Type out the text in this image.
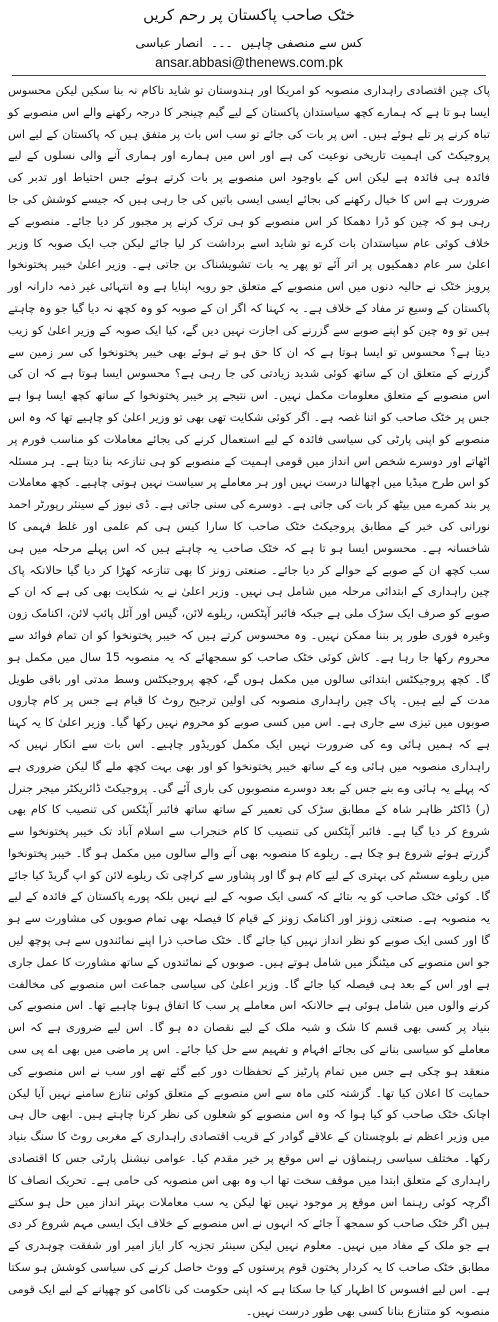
خٹک صاحب پاکستان پر رحم کریں
کس سے منصفی چاہیں۔۔۔انصار عباسی
ansar.abbasi@thenews.com.pk

پاک چین اقتصادی راہداری منصوبہ کو امریکا اور ہندوستان تو شاید ناکام نہ بنا سکیں لیکن محسوس ایسا ہو تا ہے کہ ہمارے کچھ سیاستدان پاکستان کے لیے گیم چینجر کا درجہ رکھنے والے اس منصوبے کو تباہ کرنے پر تلے ہوئے ہیں۔ اس پر بات کی جائے تو سب اس بات پر متفق ہیں کہ پاکستان کے لیے اس پروجیکٹ کی اہمیت تاریخی نوعیت کی ہے اور اس میں ہمارے اور ہماری آنے والی نسلوں کے لیے فائدہ ہی فائدہ ہے لیکن اس کے باوجود اس منصوبے پر بات کرتے ہوئے جس احتیاط اور تدبر کی ضرورت ہے اس کا خیال رکھنے کی بجائے ایسی ایسی باتیں کی جا رہی ہیں کہ جیسے کوشش کی جا رہی ہو کہ چین کو ڈرا دھمکا کر اس منصوبے کو ہی ترک کرنے پر مجبور کر دیا جائے۔ منصوبے کے خلاف کوئی عام سیاستدان بات کرے تو شاید اسے برداشت کر لیا جائے لیکن جب ایک صوبہ کا وزیر اعلیٰ سر عام دھمکیوں پر اتر آئے تو پھر یہ بات تشویشناک بن جاتی ہے۔ وزیر اعلیٰ خیبر پختونخوا پرویز خٹک نے حالیہ دنوں میں اس منصوبے کے متعلق جو رویہ اپنایا ہے وہ انتہائی غیر ذمہ دارانہ اور پاکستان کے وسیع تر مفاد کے خلاف ہے۔ یہ کہنا کہ اگر ان کے صوبہ کو وہ کچھ نہ دیا گیا جو وہ چاہتے ہیں تو وہ چین کو اپنے صوبے سے گزرنے کی اجازت نہیں دیں گے، کیا ایک صوبہ کے وزیر اعلیٰ کو زیب دیتا ہے؟ محسوس تو ایسا ہوتا ہے کہ ان کا حق ہو تے ہوئے بھی خیبر پختونخوا کی سر زمین سے گزرنے کے متعلق ان کے ساتھ کوئی شدید زیادتی کی جا رہی ہے؟ محسوس ایسا ہوتا ہے کہ ان کی اس منصوبے کے متعلق معلومات مکمل نہیں۔ اس نتیجے پر خیبر پختونخوا کے ساتھ کچھ ایسا ہوا ہے جس پر خٹک صاحب کو اتنا غصہ ہے۔ اگر کوئی شکایت تھی بھی تو وزیر اعلیٰ کو چاہیے تھا کہ وہ اس منصوبے کو اپنی پارٹی کی سیاسی فائدہ کے لیے استعمال کرنے کی بجائے معاملات کو مناسب فورم پر اٹھاتے اور دوسرے شخص اس انداز میں قومی اہمیت کے منصوبے کو ہی تنازعہ بنا دیتا ہے۔ ہر مسئلہ کو اس طرح میڈیا میں اچھالنا درست نہیں اور ہر معاملے پر سیاست نہیں ہوتی چاہیے۔ کچھ معاملات پر بند کمرے میں بیٹھ کر بات کی جاتی ہے۔ دوسرے کی سنی جاتی ہے۔ ڈی نیوز کے سینئر رپورٹر احمد نورانی کی خبر کے مطابق پروجیکٹ خٹک صاحب کا سارا کیس ہی کم علمی اور غلط فہمی کا شاخسانہ ہے۔ محسوس ایسا ہو تا ہے کہ خٹک صاحب یہ چاہتے ہیں کہ اس پہلے مرحلہ میں ہی سب کچھ ان کے صوبے کے حوالے کر دیا جائے۔ صنعتی زونز کا بھی تنازعہ کھڑا کر دیا گیا حالانکہ پاک چین راہداری کے ابتدائی مرحلہ میں شامل ہی نہیں۔ وزیر اعلیٰ نے یہ شکایت بھی کی ہے کہ ان کے صوبے کو صرف ایک سڑک ملی ہے جبکہ فائبر آپٹکس، ریلوے لائن، گیس اور آئل پائپ لائن، اکنامک زون وغیرہ فوری طور پر بننا ممکن نہیں۔ وہ محسوس کرتے ہیں کہ خیبر پختونخوا کو ان تمام فوائد سے محروم رکھا جا رہا ہے۔ کاش کوئی خٹک صاحب کو سمجھائے کہ یہ منصوبہ 15 سال میں مکمل ہو گا۔ کچھ پروجیکٹس ابتدائی سالوں میں مکمل ہوں گے، کچھ پروجیکٹس وسط مدتی اور باقی طویل مدت کے لیے ہیں۔ پاک چین راہداری منصوبہ کی اولین ترجیح روٹ کا قیام ہے جس پر کام چاروں صوبوں میں تیزی سے جاری ہے۔ اس میں کسی صوبے کو محروم نہیں رکھا گیا۔ وزیر اعلیٰ کا یہ کہنا ہے کہ ہمیں ہائی وے کی ضرورت نہیں ایک مکمل کوریڈور چاہیے۔ اس بات سے انکار نہیں کہ راہداری منصوبہ میں ہائی وے کے ساتھ خیبر پختونخوا کو اور بھی بہت کچھ ملے گا لیکن ضروری ہے کہ پہلے یہ ہائی وے بنے جس کے بعد دوسرے منصوبوں کی باری آئے گی۔ پروجیکٹ ڈائریکٹر میجر جنرل (ر) ڈاکٹر ظاہر شاہ کے مطابق سڑک کی تعمیر کے ساتھ ساتھ فائبر آپٹکس کی تنصیب کا کام بھی شروع کر دیا گیا ہے۔ فائبر آپٹکس کی تنصیب کا کام خنجراب سے اسلام آباد تک خیبر پختونخوا سے گزرتے ہوئے شروع ہو چکا ہے۔ ریلوے کا منصوبہ بھی آنے والے سالوں میں مکمل ہو گا۔ خیبر پختونخوا میں ریلوے سسٹم کی بہتری کے لیے کام ہو گا اور پشاور سے کراچی تک ریلوے لائن کو اپ گریڈ کیا جائے گا۔ کوئی خٹک صاحب کو یہ بتائے کہ کسی ایک صوبہ کے لیے نہیں بلکہ پورے پاکستان کے فائدہ کے لیے یہ منصوبہ ہے۔ صنعتی زونز اور اکنامک زونز کے قیام کا فیصلہ بھی تمام صوبوں کی مشاورت سے ہو گا اور کسی ایک صوبے کو نظر انداز نہیں کیا جائے گا۔ خٹک صاحب ذرا اپنے نمائندوں سے ہی پوچھ لیں جو اس منصوبے کی میٹنگز میں شامل ہوتے ہیں۔ صوبوں کے نمائندوں کے ساتھ مشاورت کا عمل جاری ہے اور اس کے بعد ہی فیصلہ کیا جائے گا۔ وزیر اعلیٰ کی سیاسی جماعت اس منصوبے کی مخالفت کرنے والوں میں شامل ہوئی ہے حالانکہ اس معاملے پر سب کا اتفاق ہونا چاہیے تھا۔ اس منصوبے کی بنیاد پر کسی بھی قسم کا شک و شبہ ملک کے لیے نقصان دہ ہو گا۔ اس لیے ضروری ہے کہ اس معاملے کو سیاسی بنانے کی بجائے افہام و تفہیم سے حل کیا جائے۔ اس پر ماضی میں بھی اے پی سی منعقد ہو چکی ہے جس میں تمام پارٹیز کے تحفظات دور کیے گئے تھے اور سب نے اس منصوبے کی حمایت کا اعلان کیا تھا۔ گزشتہ کئی ماہ سے اس منصوبے کے متعلق کوئی تنازع سامنے نہیں آیا لیکن اچانک خٹک صاحب کو کیا ہوا کہ وہ اس منصوبے کو شعلوں کی نظر کرنا چاہتے ہیں۔ ابھی حال ہی میں وزیر اعظم نے بلوچستان کے علاقے گوادر کے قریب اقتصادی راہداری کے مغربی روٹ کا سنگ بنیاد رکھا۔ مختلف سیاسی رہنماؤں نے اس موقع پر خیر مقدم کیا۔ عوامی نیشنل پارٹی جس کا اقتصادی راہداری کے متعلق ابتدا میں موقف سخت تھا اب وہ بھی اس منصوبہ کی حامی ہے۔ تحریک انصاف کا اگرچہ کوئی رہنما اس موقع پر موجود نہیں تھا لیکن یہ سب معاملات بہتر انداز میں حل ہو سکتے ہیں اگر خٹک صاحب کو سمجھ آ جائے کہ انہوں نے اس منصوبے کے خلاف ایک ایسی مہم شروع کر دی ہے جو ملک کے مفاد میں نہیں۔ معلوم نہیں لیکن سینئر تجزیہ کار ایاز امیر اور شفقت چوہدری کے مطابق خٹک صاحب کا یہ کردار پختون قوم پرستوں کے ووٹ حاصل کرنے کی سیاسی کوشش ہو سکتا ہے۔ اس لیے افسوس کا اظہار کیا جا سکتا ہے کہ اپنی حکومت کی ناکامی کو چھپانے کے لیے ایک قومی منصوبہ کو متنازع بنانا کسی بھی طور درست نہیں۔
